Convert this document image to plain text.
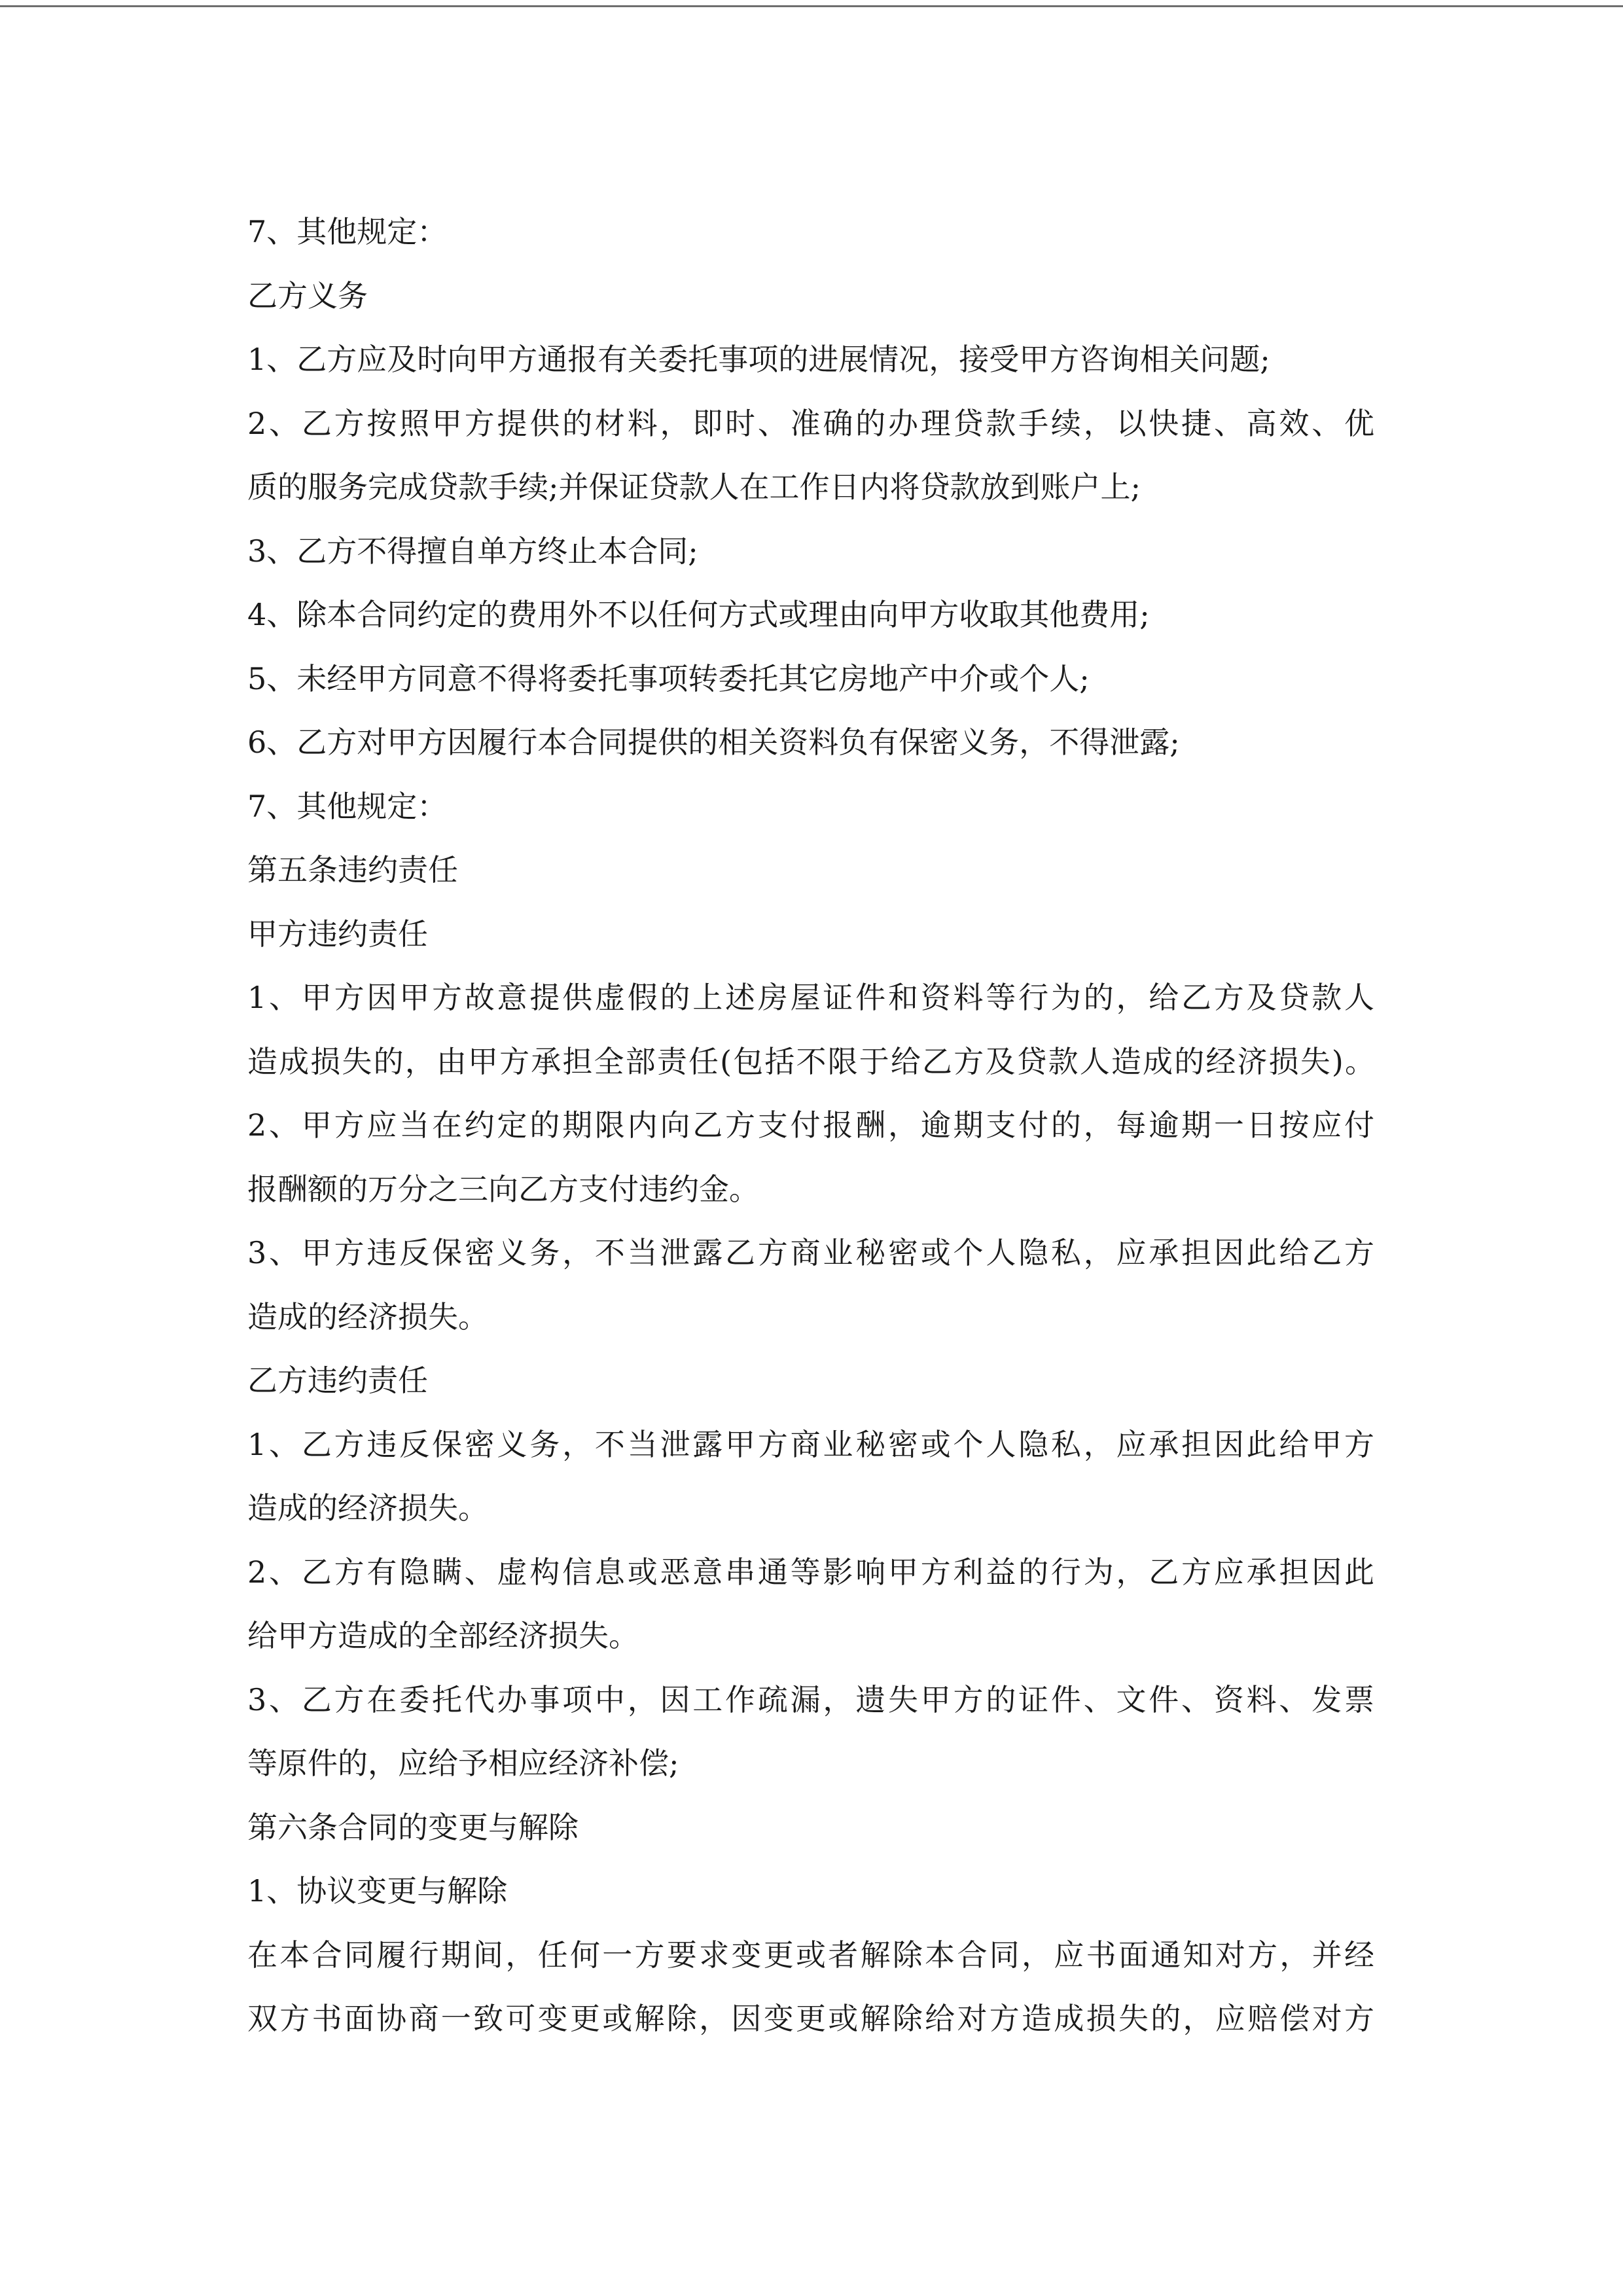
7、其他规定：
乙方义务
1、乙方应及时向甲方通报有关委托事项的进展情况，接受甲方咨询相关问题;
2、乙方按照甲方提供的材料，即时、准确的办理贷款手续，以快捷、高效、优
质的服务完成贷款手续;并保证贷款人在工作日内将贷款放到账户上;
3、乙方不得擅自单方终止本合同;
4、除本合同约定的费用外不以任何方式或理由向甲方收取其他费用;
5、未经甲方同意不得将委托事项转委托其它房地产中介或个人;
6、乙方对甲方因履行本合同提供的相关资料负有保密义务，不得泄露;
7、其他规定：
第五条违约责任
甲方违约责任
1、甲方因甲方故意提供虚假的上述房屋证件和资料等行为的，给乙方及贷款人
造成损失的，由甲方承担全部责任(包括不限于给乙方及贷款人造成的经济损失)。
2、甲方应当在约定的期限内向乙方支付报酬，逾期支付的，每逾期一日按应付
报酬额的万分之三向乙方支付违约金。
3、甲方违反保密义务，不当泄露乙方商业秘密或个人隐私，应承担因此给乙方
造成的经济损失。
乙方违约责任
1、乙方违反保密义务，不当泄露甲方商业秘密或个人隐私，应承担因此给甲方
造成的经济损失。
2、乙方有隐瞒、虚构信息或恶意串通等影响甲方利益的行为，乙方应承担因此
给甲方造成的全部经济损失。
3、乙方在委托代办事项中，因工作疏漏，遗失甲方的证件、文件、资料、发票
等原件的，应给予相应经济补偿;
第六条合同的变更与解除
1、协议变更与解除
在本合同履行期间，任何一方要求变更或者解除本合同，应书面通知对方，并经
双方书面协商一致可变更或解除，因变更或解除给对方造成损失的，应赔偿对方
